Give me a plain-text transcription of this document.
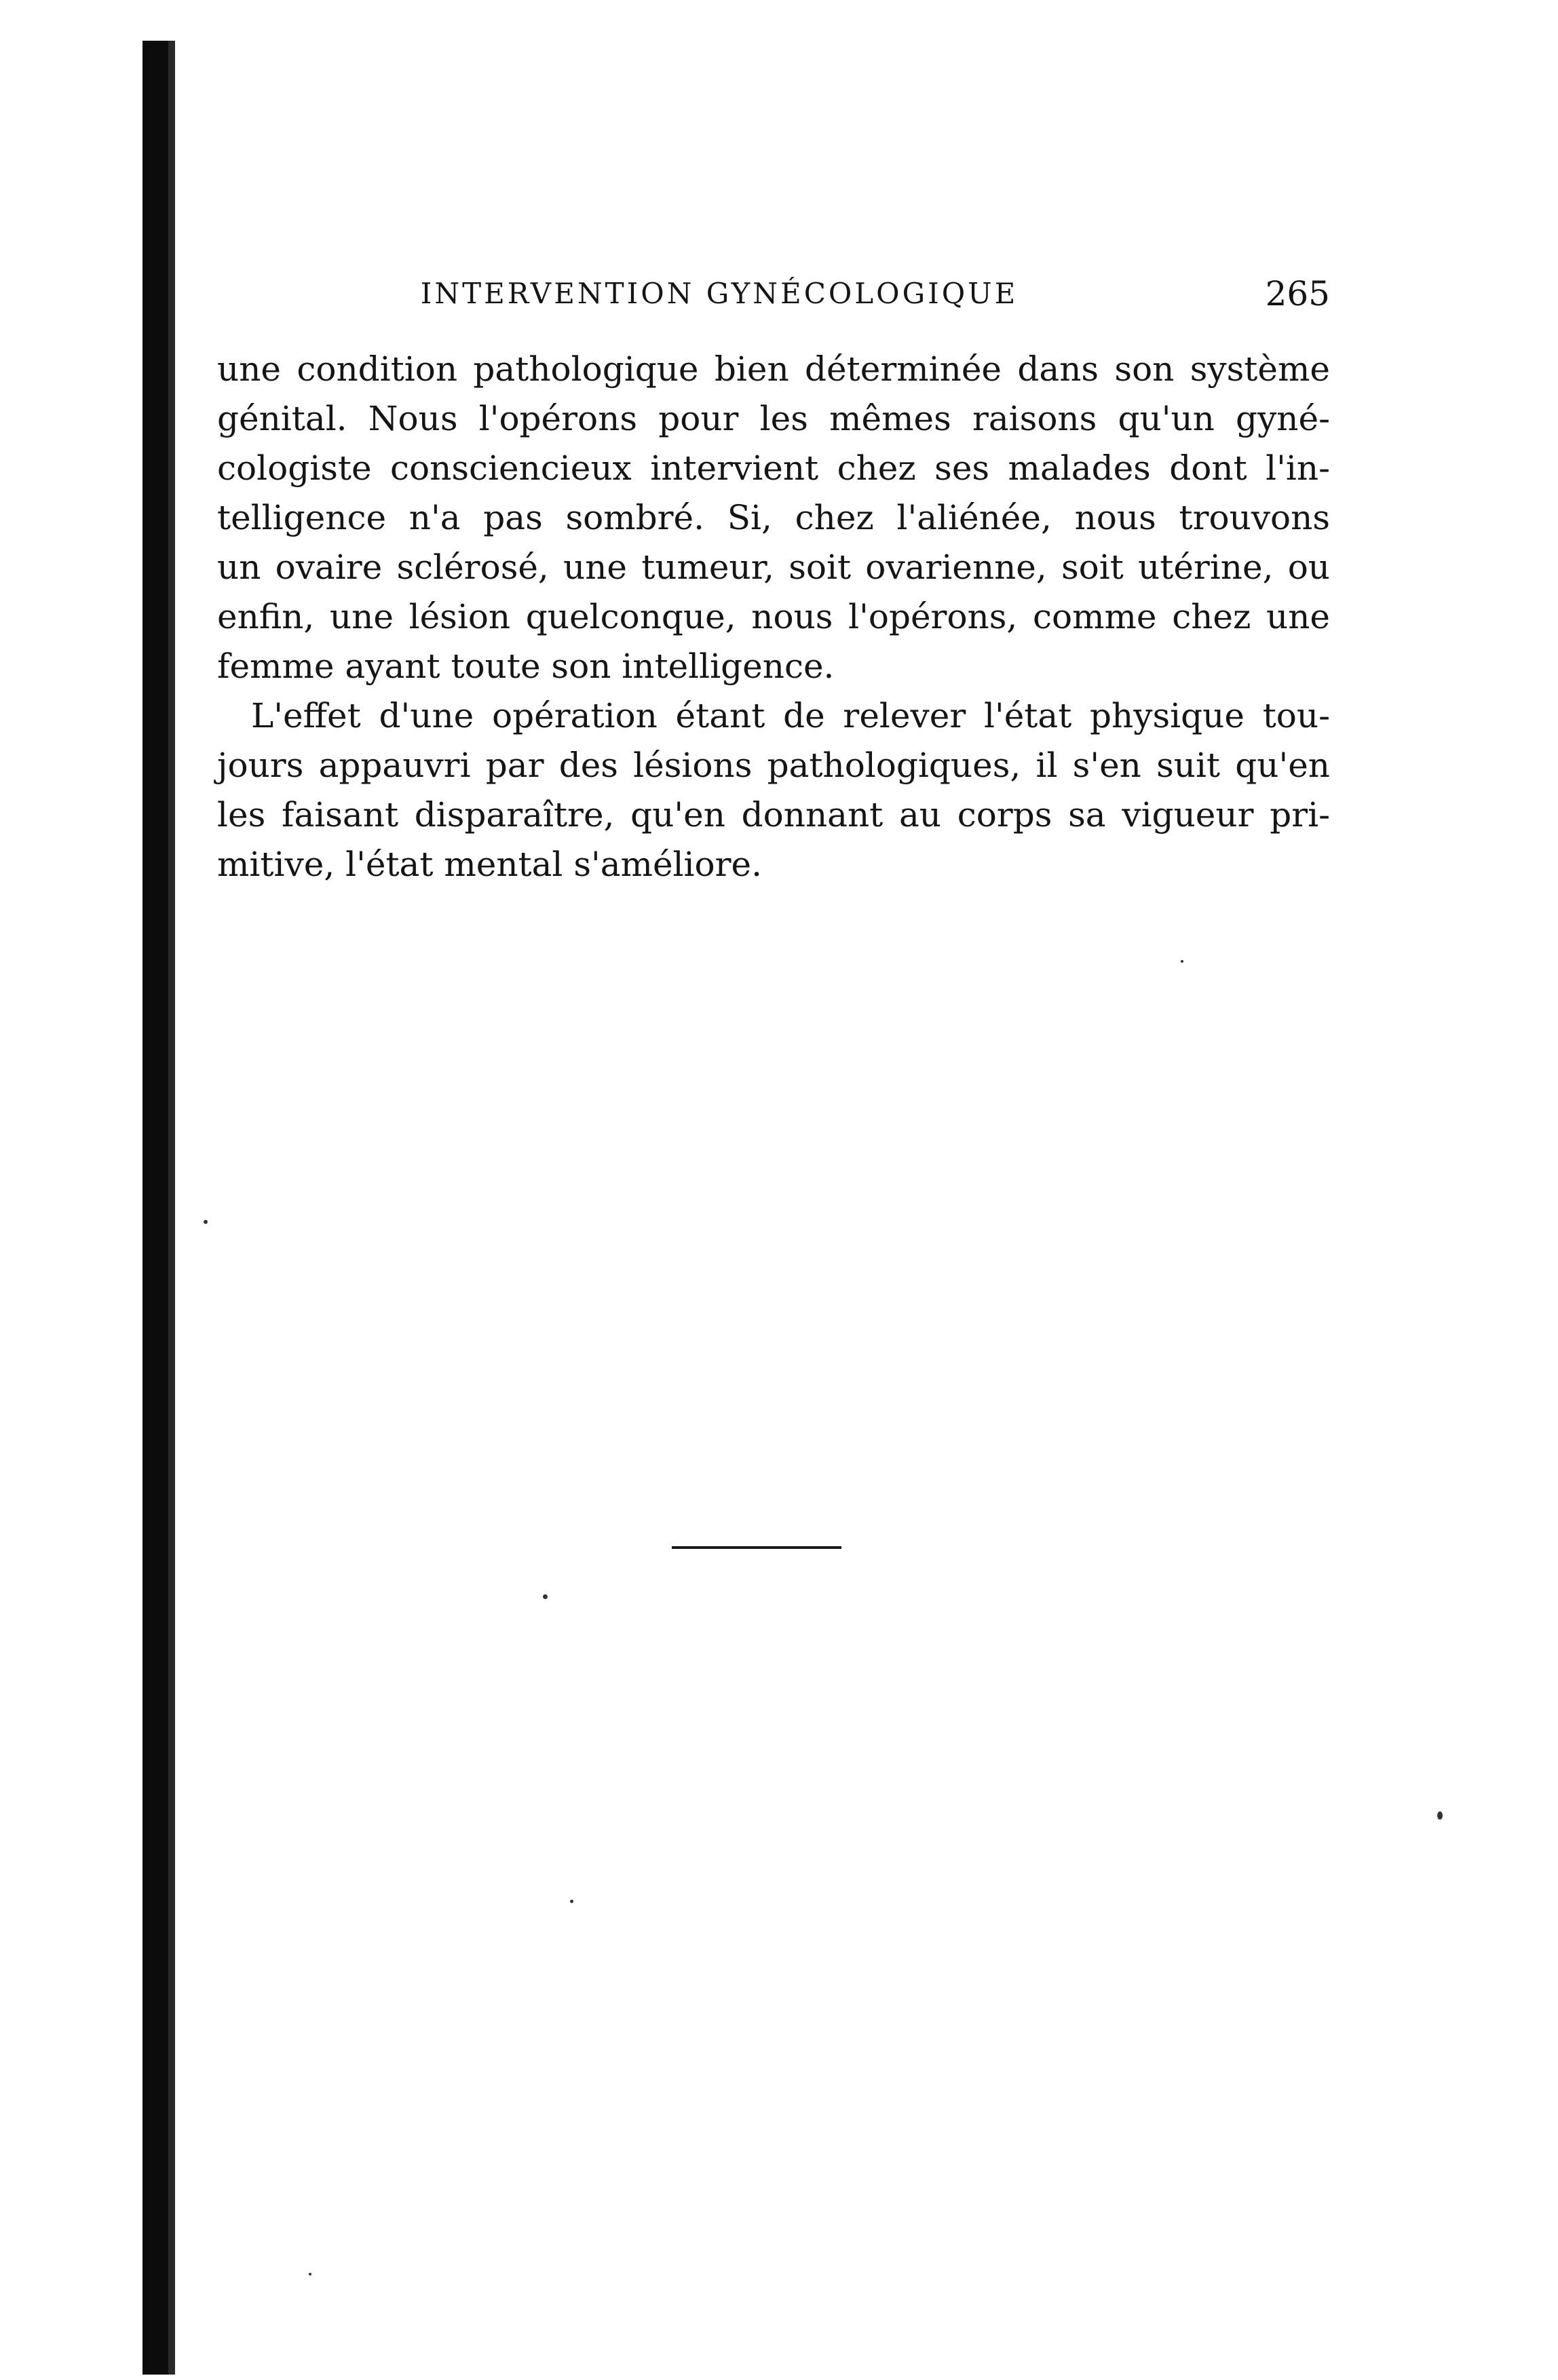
INTERVENTION GYNÉCOLOGIQUE	265

une condition pathologique bien déterminée dans son système
génital. Nous l'opérons pour les mêmes raisons qu'un gyné-
cologiste consciencieux intervient chez ses malades dont l'in-
telligence n'a pas sombré. Si, chez l'aliénée, nous trouvons
un ovaire sclérosé, une tumeur, soit ovarienne, soit utérine, ou
enfin, une lésion quelconque, nous l'opérons, comme chez une
femme ayant toute son intelligence.

L'effet d'une opération étant de relever l'état physique tou-
jours appauvri par des lésions pathologiques, il s'en suit qu'en
les faisant disparaître, qu'en donnant au corps sa vigueur pri-
mitive, l'état mental s'améliore.
